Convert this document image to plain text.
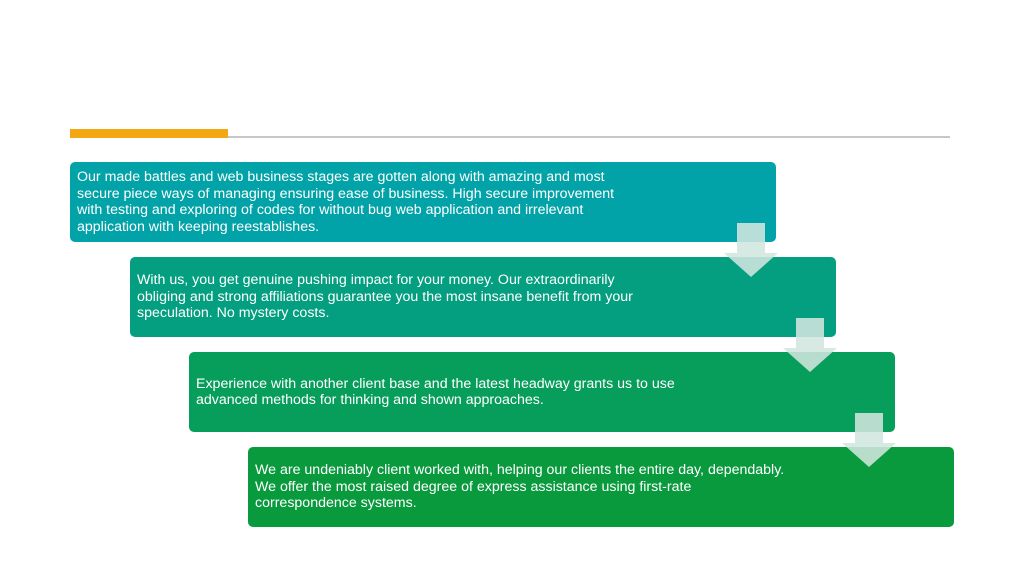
Our made battles and web business stages are gotten along with amazing and most
secure piece ways of managing ensuring ease of business. High secure improvement
with testing and exploring of codes for without bug web application and irrelevant
application with keeping reestablishes.

With us, you get genuine pushing impact for your money. Our extraordinarily
obliging and strong affiliations guarantee you the most insane benefit from your
speculation. No mystery costs.

Experience with another client base and the latest headway grants us to use
advanced methods for thinking and shown approaches.

We are undeniably client worked with, helping our clients the entire day, dependably.
We offer the most raised degree of express assistance using first-rate
correspondence systems.
